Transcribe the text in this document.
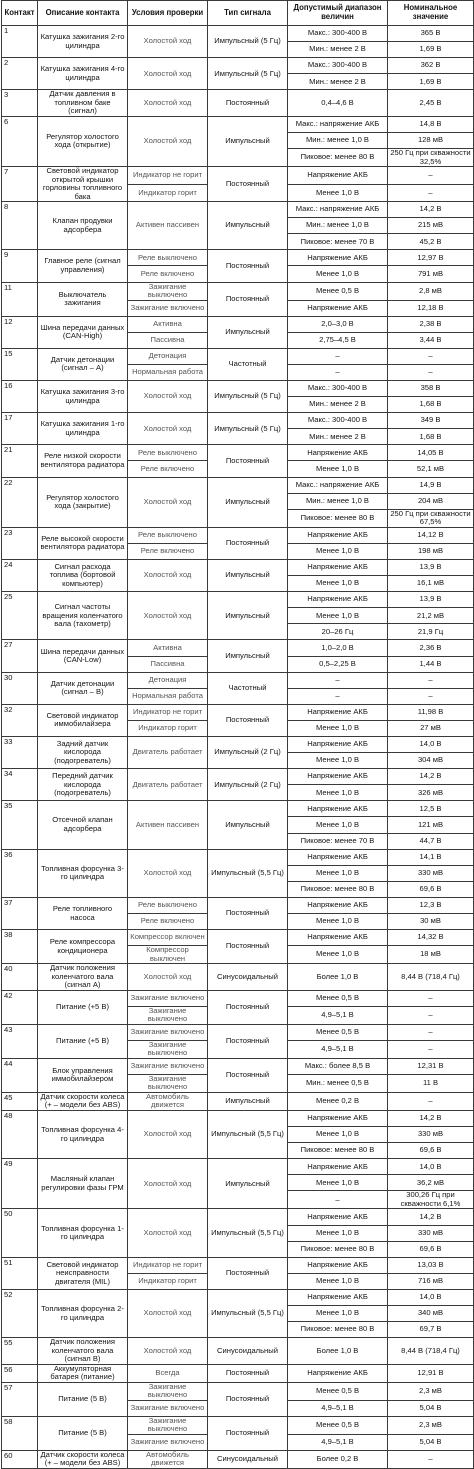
Контакт	Описание контакта	Условия проверки	Тип сигнала	Допустимый диапазон величин	Номинальное значение
1	Катушка зажигания 2-го цилиндра	Холостой ход	Импульсный (5 Гц)	Макс.: 300-400 В	365 В
				Мин.: менее 2 В	1,69 В
2	Катушка зажигания 4-го цилиндра	Холостой ход	Импульсный (5 Гц)	Макс.: 300-400 В	362 В
				Мин.: менее 2 В	1,69 В
3	Датчик давления в топливном баке (сигнал)	Холостой ход	Постоянный	0,4–4,6 В	2,45 В
6	Регулятор холостого хода (открытие)	Холостой ход	Импульсный	Макс.: напряжение АКБ	14,8 В
				Мин.: менее 1,0 В	128 мВ
				Пиковое: менее 80 В	250 Гц при скважности 32,5%
7	Световой индикатор открытой крышки горловины топливного бака	Индикатор не горит	Постоянный	Напряжение АКБ	–
		Индикатор горит		Менее 1,0 В	–
8	Клапан продувки адсорбера	Активен пассивен	Импульсный	Макс.: напряжение АКБ	14,2 В
				Мин.: менее 1,0 В	215 мВ
				Пиковое: менее 70 В	45,2 В
9	Главное реле (сигнал управления)	Реле выключено	Постоянный	Напряжение АКБ	12,97 В
		Реле включено		Менее 1,0 В	791 мВ
11	Выключатель зажигания	Зажигание выключено	Постоянный	Менее 0,5 В	2,8 мВ
		Зажигание включено		Напряжение АКБ	12,18 В
12	Шина передачи данных (CAN-High)	Активна	Импульсный	2,0–3,0 В	2,38 В
		Пассивна		2,75–4,5 В	3,44 В
15	Датчик детонации (сигнал – А)	Детонация	Частотный	–	–
		Нормальная работа		–	–
16	Катушка зажигания 3-го цилиндра	Холостой ход	Импульсный (5 Гц)	Макс.: 300-400 В	358 В
				Мин.: менее 2 В	1,68 В
17	Катушка зажигания 1-го цилиндра	Холостой ход	Импульсный (5 Гц)	Макс.: 300-400 В	349 В
				Мин.: менее 2 В	1,68 В
21	Реле низкой скорости вентилятора радиатора	Реле выключено	Постоянный	Напряжение АКБ	14,05 В
		Реле включено		Менее 1,0 В	52,1 мВ
22	Регулятор холостого хода (закрытие)	Холостой ход	Импульсный	Макс.: напряжение АКБ	14,9 В
				Мин.: менее 1,0 В	204 мВ
				Пиковое: менее 80 В	250 Гц при скважности 67,5%
23	Реле высокой скорости вентилятора радиатора	Реле выключено	Постоянный	Напряжение АКБ	14,12 В
		Реле включено		Менее 1,0 В	198 мВ
24	Сигнал расхода топлива (бортовой компьютер)	Холостой ход	Импульсный	Напряжение АКБ	13,9 В
				Менее 1,0 В	16,1 мВ
25	Сигнал частоты вращения коленчатого вала (тахометр)	Холостой ход	Импульсный	Напряжение АКБ	13,9 В
				Менее 1,0 В	21,2 мВ
				20–26 Гц	21,9 Гц
27	Шина передачи данных (CAN-Low)	Активна	Импульсный	1,0–2,0 В	2,36 В
		Пассивна		0,5–2,25 В	1,44 В
30	Датчик детонации (сигнал – В)	Детонация	Частотный	–	–
		Нормальная работа		–	–
32	Световой индикатор иммобилайзера	Индикатор не горит	Постоянный	Напряжение АКБ	11,98 В
		Индикатор горит		Менее 1,0 В	27 мВ
33	Задний датчик кислорода (подогреватель)	Двигатель работает	Импульсный (2 Гц)	Напряжение АКБ	14,0 В
				Менее 1,0 В	304 мВ
34	Передний датчик кислорода (подогреватель)	Двигатель работает	Импульсный (2 Гц)	Напряжение АКБ	14,2 В
				Менее 1,0 В	326 мВ
35	Отсечной клапан адсорбера	Активен пассивен	Импульсный	Напряжение АКБ	12,5 В
				Менее 1,0 В	121 мВ
				Пиковое: менее 70 В	44,7 В
36	Топливная форсунка 3-го цилиндра	Холостой ход	Импульсный (5,5 Гц)	Напряжение АКБ	14,1 В
				Менее 1,0 В	330 мВ
				Пиковое: менее 80 В	69,6 В
37	Реле топливного насоса	Реле выключено	Постоянный	Напряжение АКБ	12,3 В
		Реле включено		Менее 1,0 В	30 мВ
38	Реле компрессора кондиционера	Компрессор включен	Постоянный	Напряжение АКБ	14,32 В
		Компрессор выключен		Менее 1,0 В	18 мВ
40	Датчик положения коленчатого вала (сигнал А)	Холостой ход	Синусоидальный	Более 1,0 В	8,44 В (718,4 Гц)
42	Питание (+5 В)	Зажигание включено	Постоянный	Менее 0,5 В	–
		Зажигание выключено		4,9–5,1 В	–
43	Питание (+5 В)	Зажигание включено	Постоянный	Менее 0,5 В	–
		Зажигание выключено		4,9–5,1 В	–
44	Блок управления иммобилайзером	Зажигание включено	Постоянный	Макс.: более 8,5 В	12,31 В
		Зажигание выключено		Мин.: менее 0,5 В	11 В
45	Датчик скорости колеса (+ – модели без ABS)	Автомобиль движется	Импульсный	Менее 0,2 В	–
48	Топливная форсунка 4-го цилиндра	Холостой ход	Импульсный (5,5 Гц)	Напряжение АКБ	14,2 В
				Менее 1,0 В	330 мВ
				Пиковое: менее 80 В	69,6 В
49	Масляный клапан регулировки фазы ГРМ	Холостой ход	Импульсный	Напряжение АКБ	14,0 В
				Менее 1,0 В	36,2 мВ
				–	300,26 Гц при скважности 6,1%
50	Топливная форсунка 1-го цилиндра	Холостой ход	Импульсный (5,5 Гц)	Напряжение АКБ	14,2 В
				Менее 1,0 В	330 мВ
				Пиковое: менее 80 В	69,6 В
51	Световой индикатор неисправности двигателя (MIL)	Индикатор не горит	Постоянный	Напряжение АКБ	13,03 В
		Индикатор горит		Менее 1,0 В	716 мВ
52	Топливная форсунка 2-го цилиндра	Холостой ход	Импульсный (5,5 Гц)	Напряжение АКБ	14,0 В
				Менее 1,0 В	340 мВ
				Пиковое: менее 80 В	69,7 В
55	Датчик положения коленчатого вала (сигнал В)	Холостой ход	Синусоидальный	Более 1,0 В	8,44 В (718,4 Гц)
56	Аккумуляторная батарея (питание)	Всегда	Постоянный	Напряжение АКБ	12,91 В
57	Питание (5 В)	Зажигание выключено	Постоянный	Менее 0,5 В	2,3 мВ
		Зажигание включено		4,9–5,1 В	5,04 В
58	Питание (5 В)	Зажигание выключено	Постоянный	Менее 0,5 В	2,3 мВ
		Зажигание включено		4,9–5,1 В	5,04 В
60	Датчик скорости колеса (+ – модели без ABS)	Автомобиль движется	Синусоидальный	Более 0,2 В	–
